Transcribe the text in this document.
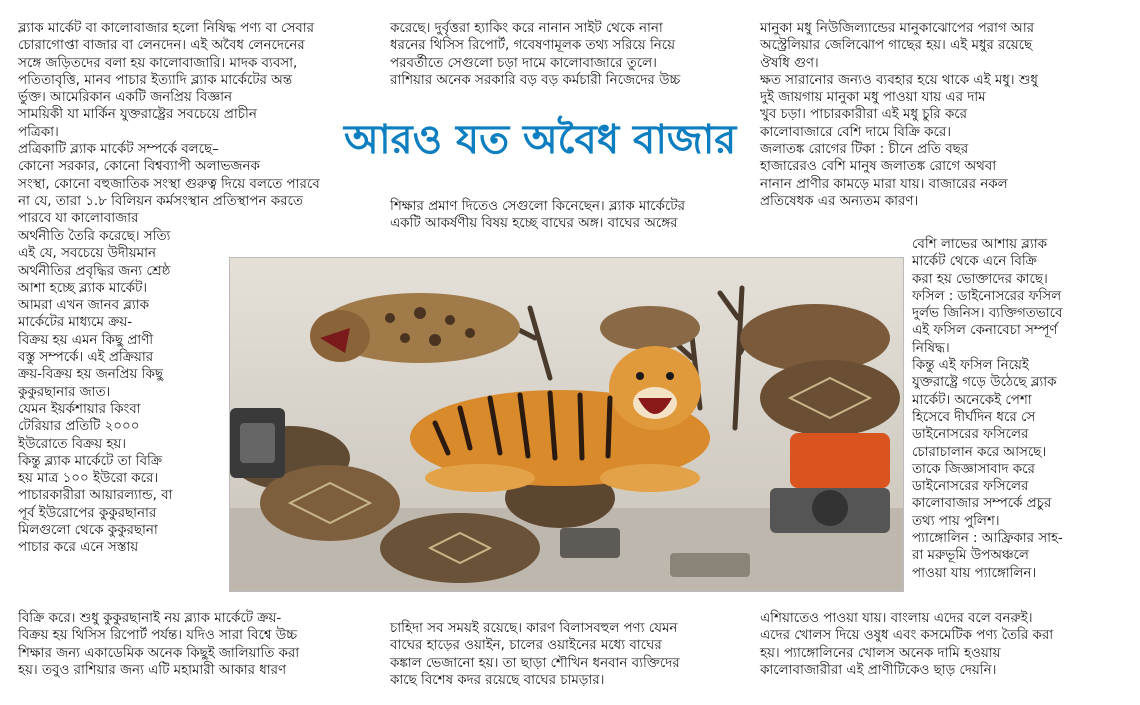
ব্ল্যাক মার্কেট বা কালোবাজার হলো নিষিদ্ধ পণ্য বা সেবার
চোরাগোপ্তা বাজার বা লেনদেন। এই অবৈধ লেনদেনের
সঙ্গে জড়িতদের বলা হয় কালোবাজারি। মাদক ব্যবসা,
পতিতাবৃত্তি, মানব পাচার ইত্যাদি ব্ল্যাক মার্কেটের অন্ত
র্ভুক্ত। আমেরিকান একটি জনপ্রিয় বিজ্ঞান
সাময়িকী যা মার্কিন যুক্তরাষ্ট্রের সবচেয়ে প্রাচীন
পত্রিকা।
প্রত্রিকাটি ব্ল্যাক মার্কেট সম্পর্কে বলছে–
কোনো সরকার, কোনো বিশ্বব্যাপী অলাভজনক
সংস্থা, কোনো বহুজাতিক সংস্থা গুরুত্ব দিয়ে বলতে পারবে
না যে, তারা ১.৮ বিলিয়ন কর্মসংস্থান প্রতিস্থাপন করতে
পারবে যা কালোবাজার
অর্থনীতি তৈরি করেছে। সত্যি
এই যে, সবচেয়ে উদীয়মান
অর্থনীতির প্রবৃদ্ধির জন্য শ্রেষ্ঠ
আশা হচ্ছে ব্ল্যাক মার্কেট।
আমরা এখন জানব ব্ল্যাক
মার্কেটের মাধ্যমে ক্রয়-
বিক্রয় হয় এমন কিছু প্রাণী
বস্তু সম্পর্কে। এই প্রক্রিয়ার
ক্রয়-বিক্রয় হয় জনপ্রিয় কিছু
কুকুরছানার জাত।
যেমন ইয়র্কশায়ার কিংবা
টেরিয়ার প্রতিটি ২০০০
ইউরোতে বিক্রয় হয়।
কিন্তু ব্ল্যাক মার্কেটে তা বিক্রি
হয় মাত্র ১০০ ইউরো করে।
পাচারকারীরা আয়ারল্যান্ড, বা
পূর্ব ইউরোপের কুকুরছানার
মিলগুলো থেকে কুকুরছানা
পাচার করে এনে সস্তায়
বিক্রি করে। শুধু কুকুরছানাই নয় ব্ল্যাক মার্কেটে ক্রয়-
বিক্রয় হয় থিসিস রিপোর্ট পর্যন্ত। যদিও সারা বিশ্বে উচ্চ
শিক্ষার জন্য একাডেমিক অনেক কিছুই জালিয়াতি করা
হয়। তবুও রাশিয়ার জন্য এটি মহামারী আকার ধারণ
করেছে। দুর্বৃত্তরা হ্যাকিং করে নানান সাইট থেকে নানা
ধরনের থিসিস রিপোর্ট, গবেষণামূলক তথ্য সরিয়ে নিয়ে
পরবর্তীতে সেগুলো চড়া দামে কালোবাজারে তুলে।
রাশিয়ার অনেক সরকারি বড় বড় কর্মচারী নিজেদের উচ্চ
শিক্ষার প্রমাণ দিতেও সেগুলো কিনেছেন। ব্ল্যাক মার্কেটের
একটি আকর্ষণীয় বিষয় হচ্ছে বাঘের অঙ্গ। বাঘের অঙ্গের
চাহিদা সব সময়ই রয়েছে। কারণ বিলাসবহুল পণ্য যেমন
বাঘের হাড়ের ওয়াইন, চালের ওয়াইনের মধ্যে বাঘের
কঙ্কাল ভেজানো হয়। তা ছাড়া শৌখিন ধনবান ব্যক্তিদের
কাছে বিশেষ কদর রয়েছে বাঘের চামড়ার।
মানুকা মধু নিউজিল্যান্ডের মানুকাঝোপের পরাগ আর
অস্ট্রেলিয়ার জেলিঝোপ গাছের হয়। এই মধুর রয়েছে
ঔষধি গুণ।
ক্ষত সারানোর জন্যও ব্যবহার হয়ে থাকে এই মধু। শুধু
দুই জায়গায় মানুকা মধু পাওয়া যায় এর দাম
খুব চড়া। পাচারকারীরা এই মধু চুরি করে
কালোবাজারে বেশি দামে বিক্রি করে।
জলাতঙ্ক রোগের টিকা : চীনে প্রতি বছর
হাজারেরও বেশি মানুষ জলাতঙ্ক রোগে অথবা
নানান প্রাণীর কামড়ে মারা যায়। বাজারের নকল
প্রতিষেধক এর অন্যতম কারণ।
বেশি লাভের আশায় ব্ল্যাক
মার্কেট থেকে এনে বিক্রি
করা হয় ভোক্তাদের কাছে।
ফসিল : ডাইনোসরের ফসিল
দুর্লভ জিনিস। ব্যক্তিগতভাবে
এই ফসিল কেনাবেচা সম্পূর্ণ
নিষিদ্ধ।
কিন্তু এই ফসিল নিয়েই
যুক্তরাষ্ট্রে গড়ে উঠেছে ব্ল্যাক
মার্কেট। অনেকেই পেশা
হিসেবে দীর্ঘদিন ধরে সে
ডাইনোসরের ফসিলের
চোরাচালান করে আসছে।
তাকে জিজ্ঞাসাবাদ করে
ডাইনোসরের ফসিলের
কালোবাজার সম্পর্কে প্রচুর
তথ্য পায় পুলিশ।
প্যাঙ্গোলিন : আফ্রিকার সাহ-
রা মরুভূমি উপঅঞ্চলে
পাওয়া যায় প্যাঙ্গোলিন।
এশিয়াতেও পাওয়া যায়। বাংলায় এদের বলে বনরুই।
এদের খোলস দিয়ে ওষুধ এবং কসমেটিক পণ্য তৈরি করা
হয়। প্যাঙ্গোলিনের খোলস অনেক দামি হওয়ায়
কালোবাজারীরা এই প্রাণীটিকেও ছাড় দেয়নি।
আরও যত অবৈধ বাজার
